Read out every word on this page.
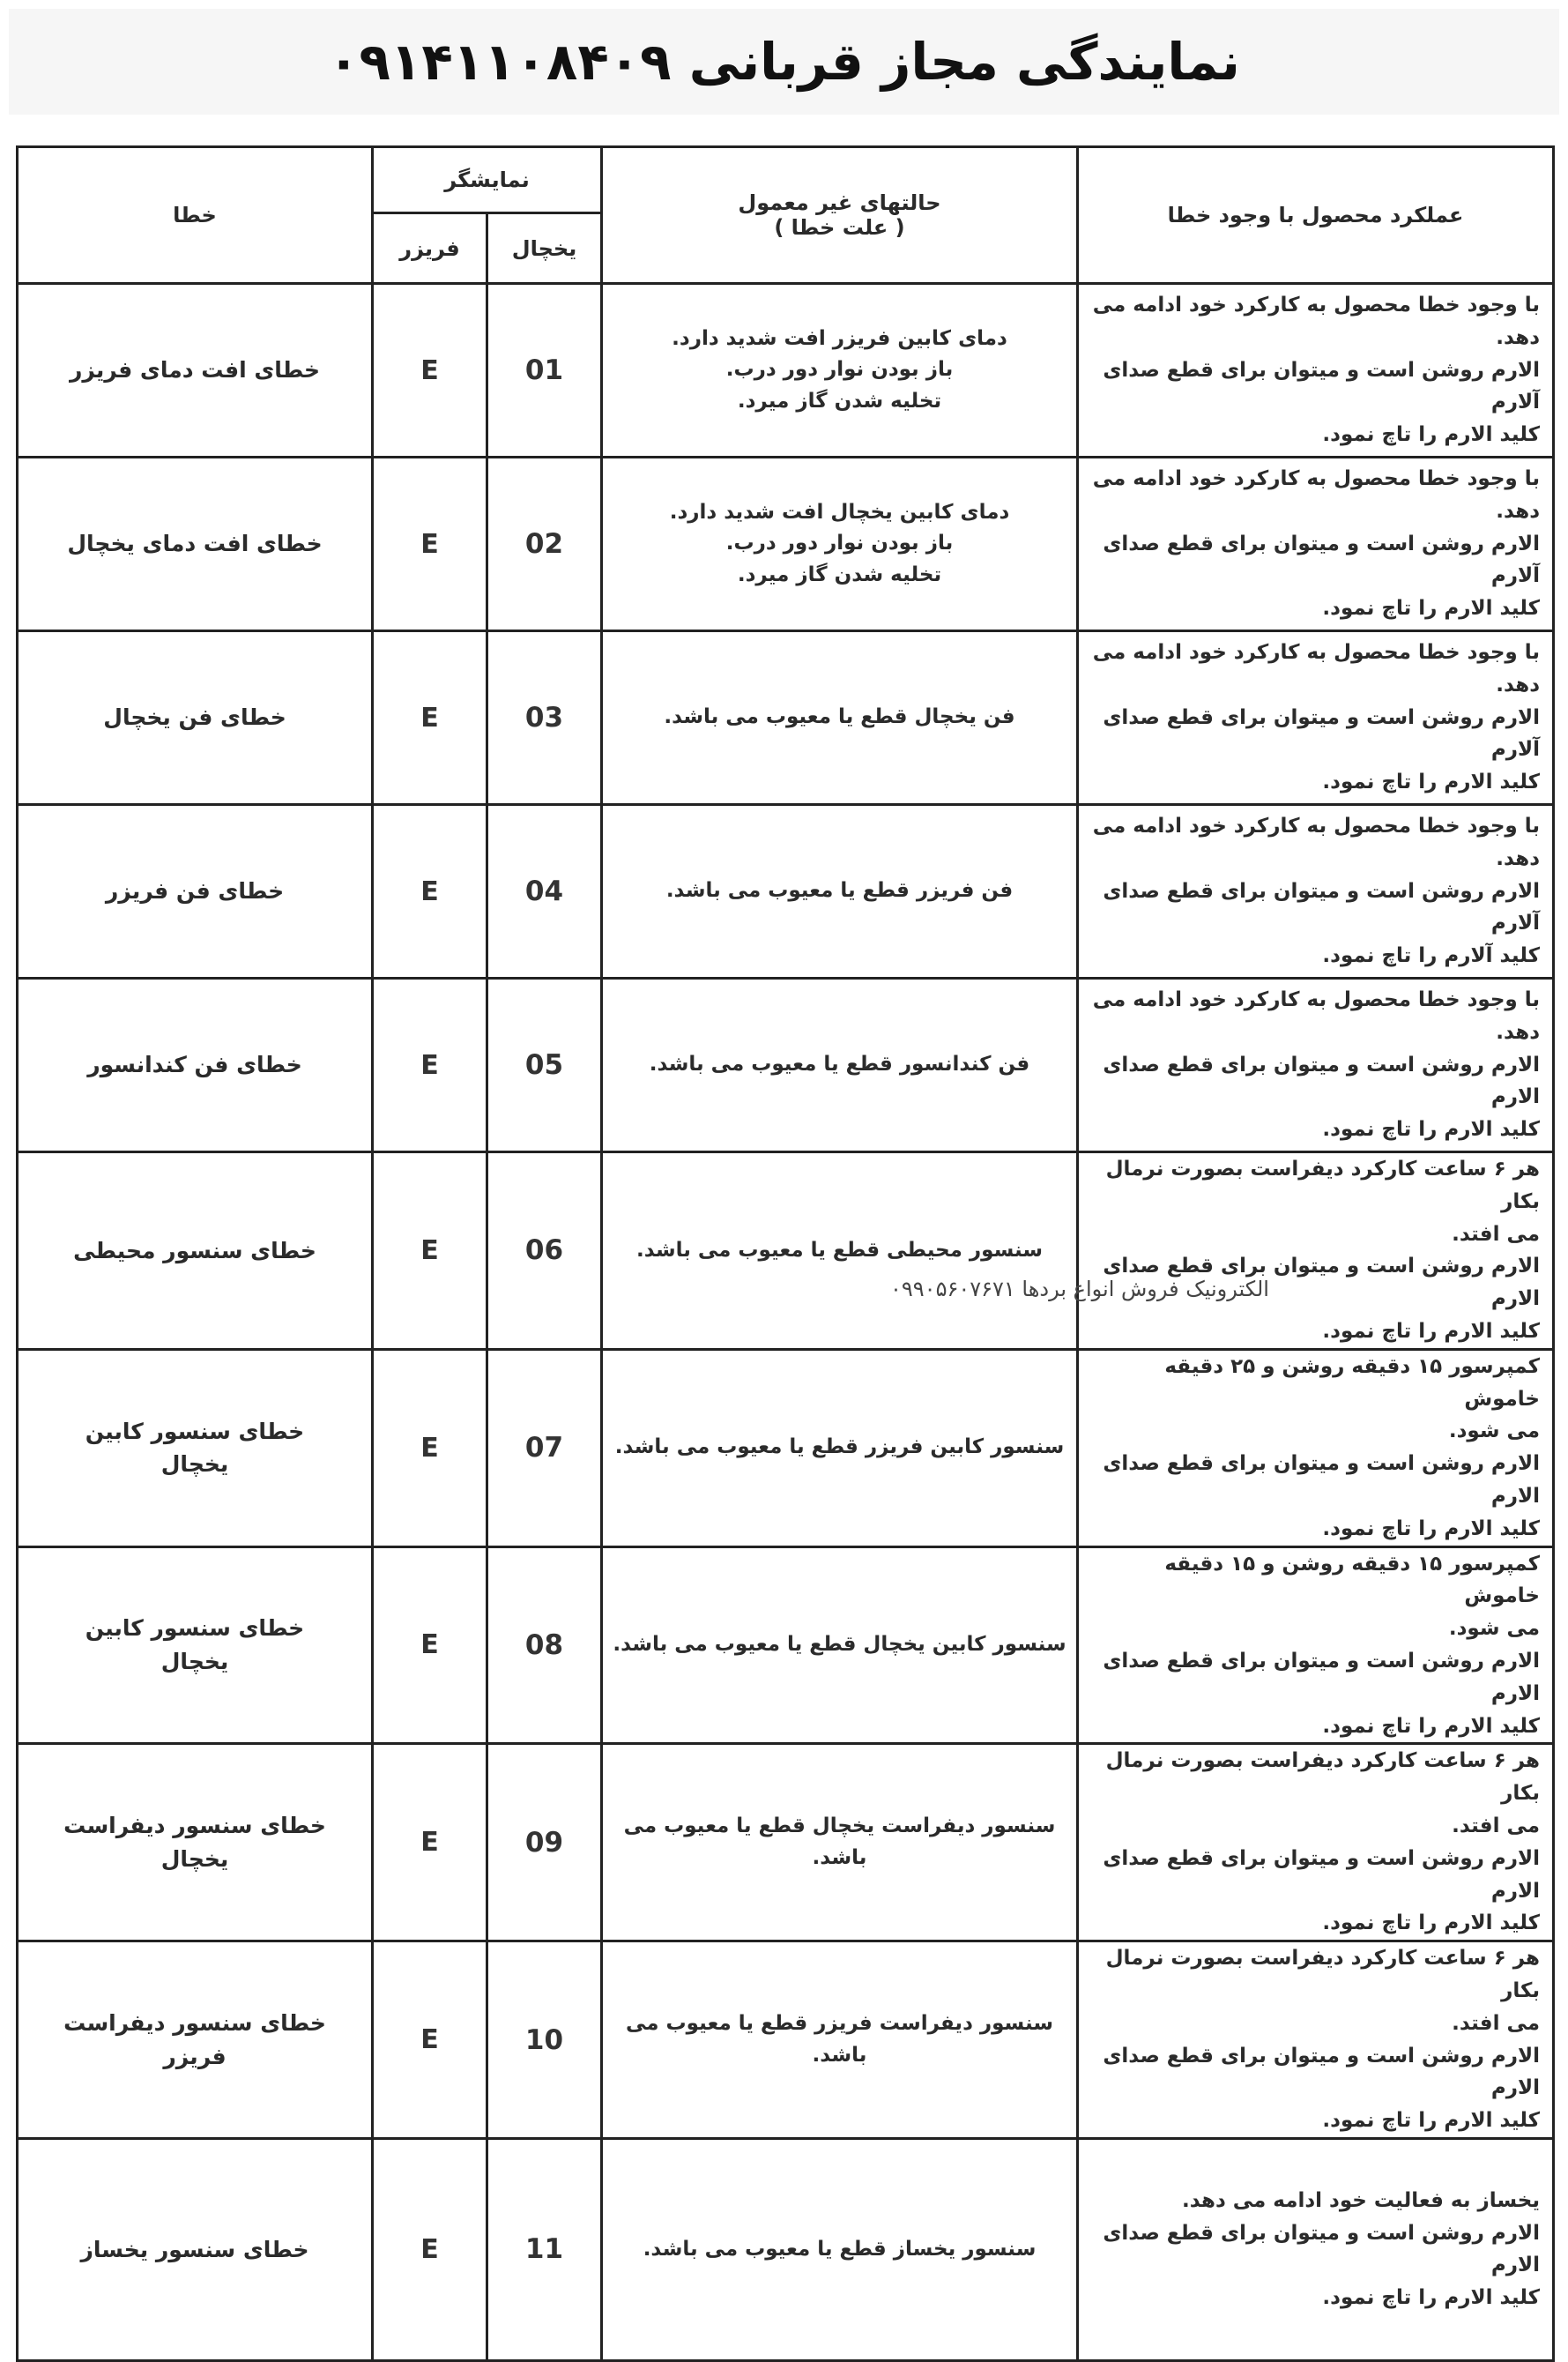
نمایندگی مجاز قربانی ۰۹۱۴۱۱۰۸۴۰۹
عملکرد محصول با وجود خطا	حالتهای غیر معمول
( علت خطا )	نمایشگر		خطا
		یخچال	فریزر	
با وجود خطا محصول به کارکرد خود ادامه می دهد.
الارم روشن است و میتوان برای قطع صدای آلارم
کلید الارم را تاچ نمود.	دمای کابین فریزر افت شدید دارد.
باز بودن نوار دور درب.
تخلیه شدن گاز میرد.	01	E	خطای افت دمای فریزر
با وجود خطا محصول به کارکرد خود ادامه می دهد.
الارم روشن است و میتوان برای قطع صدای آلارم
کلید الارم را تاچ نمود.	دمای کابین یخچال افت شدید دارد.
باز بودن نوار دور درب.
تخلیه شدن گاز میرد.	02	E	خطای افت دمای یخچال
با وجود خطا محصول به کارکرد خود ادامه می دهد.
الارم روشن است و میتوان برای قطع صدای آلارم
کلید الارم را تاچ نمود.	فن یخچال قطع یا معیوب می باشد.	03	E	خطای فن یخچال
با وجود خطا محصول به کارکرد خود ادامه می دهد.
الارم روشن است و میتوان برای قطع صدای آلارم
کلید آلارم را تاچ نمود.	فن فریزر قطع یا معیوب می باشد.	04	E	خطای فن فریزر
با وجود خطا محصول به کارکرد خود ادامه می دهد.
الارم روشن است و میتوان برای قطع صدای الارم
کلید الارم را تاچ نمود.	فن کندانسور قطع یا معیوب می باشد.	05	E	خطای فن کندانسور
هر ۶ ساعت کارکرد دیفراست بصورت نرمال بکار
می افتد.
الارم روشن است و میتوان برای قطع صدای الارم
کلید الارم را تاچ نمود.	سنسور محیطی قطع یا معیوب می باشد.	06	E	خطای سنسور محیطی
کمپرسور ۱۵ دقیقه روشن و ۲۵ دقیقه خاموش
می شود.
الارم روشن است و میتوان برای قطع صدای الارم
کلید الارم را تاچ نمود.	سنسور کابین فریزر قطع یا معیوب می باشد.	07	E	خطای سنسور کابین
یخچال
کمپرسور ۱۵ دقیقه روشن و ۱۵ دقیقه خاموش
می شود.
الارم روشن است و میتوان برای قطع صدای الارم
کلید الارم را تاچ نمود.	سنسور کابین یخچال قطع یا معیوب می باشد.	08	E	خطای سنسور کابین
یخچال
هر ۶ ساعت کارکرد دیفراست بصورت نرمال بکار
می افتد.
الارم روشن است و میتوان برای قطع صدای الارم
کلید الارم را تاچ نمود.	سنسور دیفراست یخچال قطع یا معیوب می
باشد.	09	E	خطای سنسور دیفراست
یخچال
هر ۶ ساعت کارکرد دیفراست بصورت نرمال بکار
می افتد.
الارم روشن است و میتوان برای قطع صدای الارم
کلید الارم را تاچ نمود.	سنسور دیفراست فریزر قطع یا معیوب می
باشد.	10	E	خطای سنسور دیفراست
فریزر
یخساز به فعالیت خود ادامه می دهد.
الارم روشن است و میتوان برای قطع صدای الارم
کلید الارم را تاچ نمود.	سنسور یخساز قطع یا معیوب می باشد.	11	E	خطای سنسور یخساز
الکترونیک فروش انواع بردها ۰۹۹۰۵۶۰۷۶۷۱
